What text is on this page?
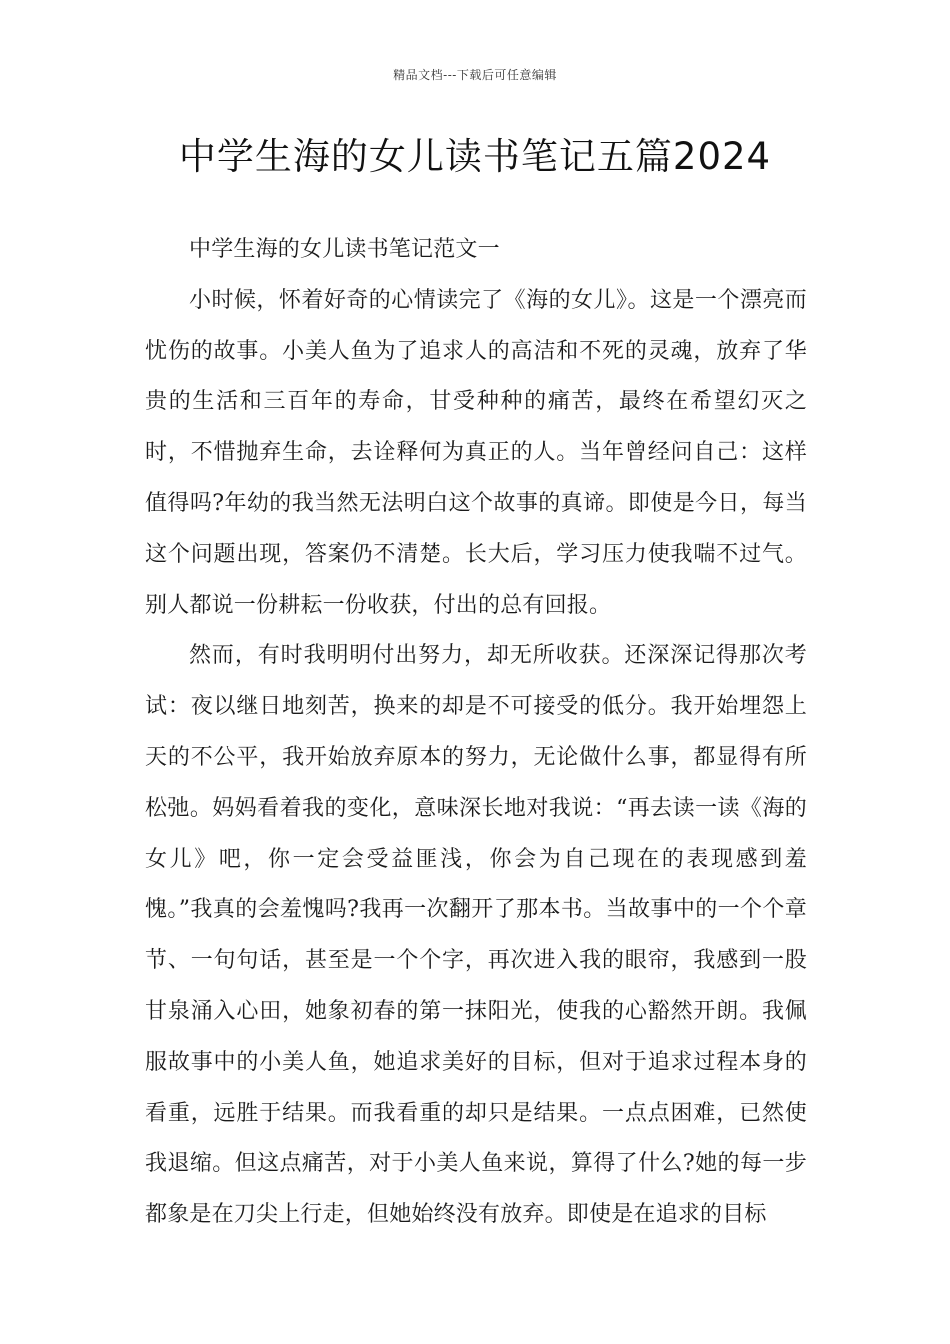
精品文档---下载后可任意编辑
中学生海的女儿读书笔记五篇2024

中学生海的女儿读书笔记范文一

小时候，怀着好奇的心情读完了《海的女儿》。这是一个漂亮而忧伤的故事。小美人鱼为了追求人的高洁和不死的灵魂，放弃了华贵的生活和三百年的寿命，甘受种种的痛苦，最终在希望幻灭之时，不惜抛弃生命，去诠释何为真正的人。当年曾经问自己：这样值得吗?年幼的我当然无法明白这个故事的真谛。即使是今日，每当这个问题出现，答案仍不清楚。长大后，学习压力使我喘不过气。别人都说一份耕耘一份收获，付出的总有回报。

然而，有时我明明付出努力，却无所收获。还深深记得那次考试：夜以继日地刻苦，换来的却是不可接受的低分。我开始埋怨上天的不公平，我开始放弃原本的努力，无论做什么事，都显得有所松弛。妈妈看着我的变化，意味深长地对我说：“再去读一读《海的女儿》吧，你一定会受益匪浅，你会为自己现在的表现感到羞愧。”我真的会羞愧吗?我再一次翻开了那本书。当故事中的一个个章节、一句句话，甚至是一个个字，再次进入我的眼帘，我感到一股甘泉涌入心田，她象初春的第一抹阳光，使我的心豁然开朗。我佩服故事中的小美人鱼，她追求美好的目标，但对于追求过程本身的看重，远胜于结果。而我看重的却只是结果。一点点困难，已然使我退缩。但这点痛苦，对于小美人鱼来说，算得了什么?她的每一步都象是在刀尖上行走，但她始终没有放弃。即使是在追求的目标
